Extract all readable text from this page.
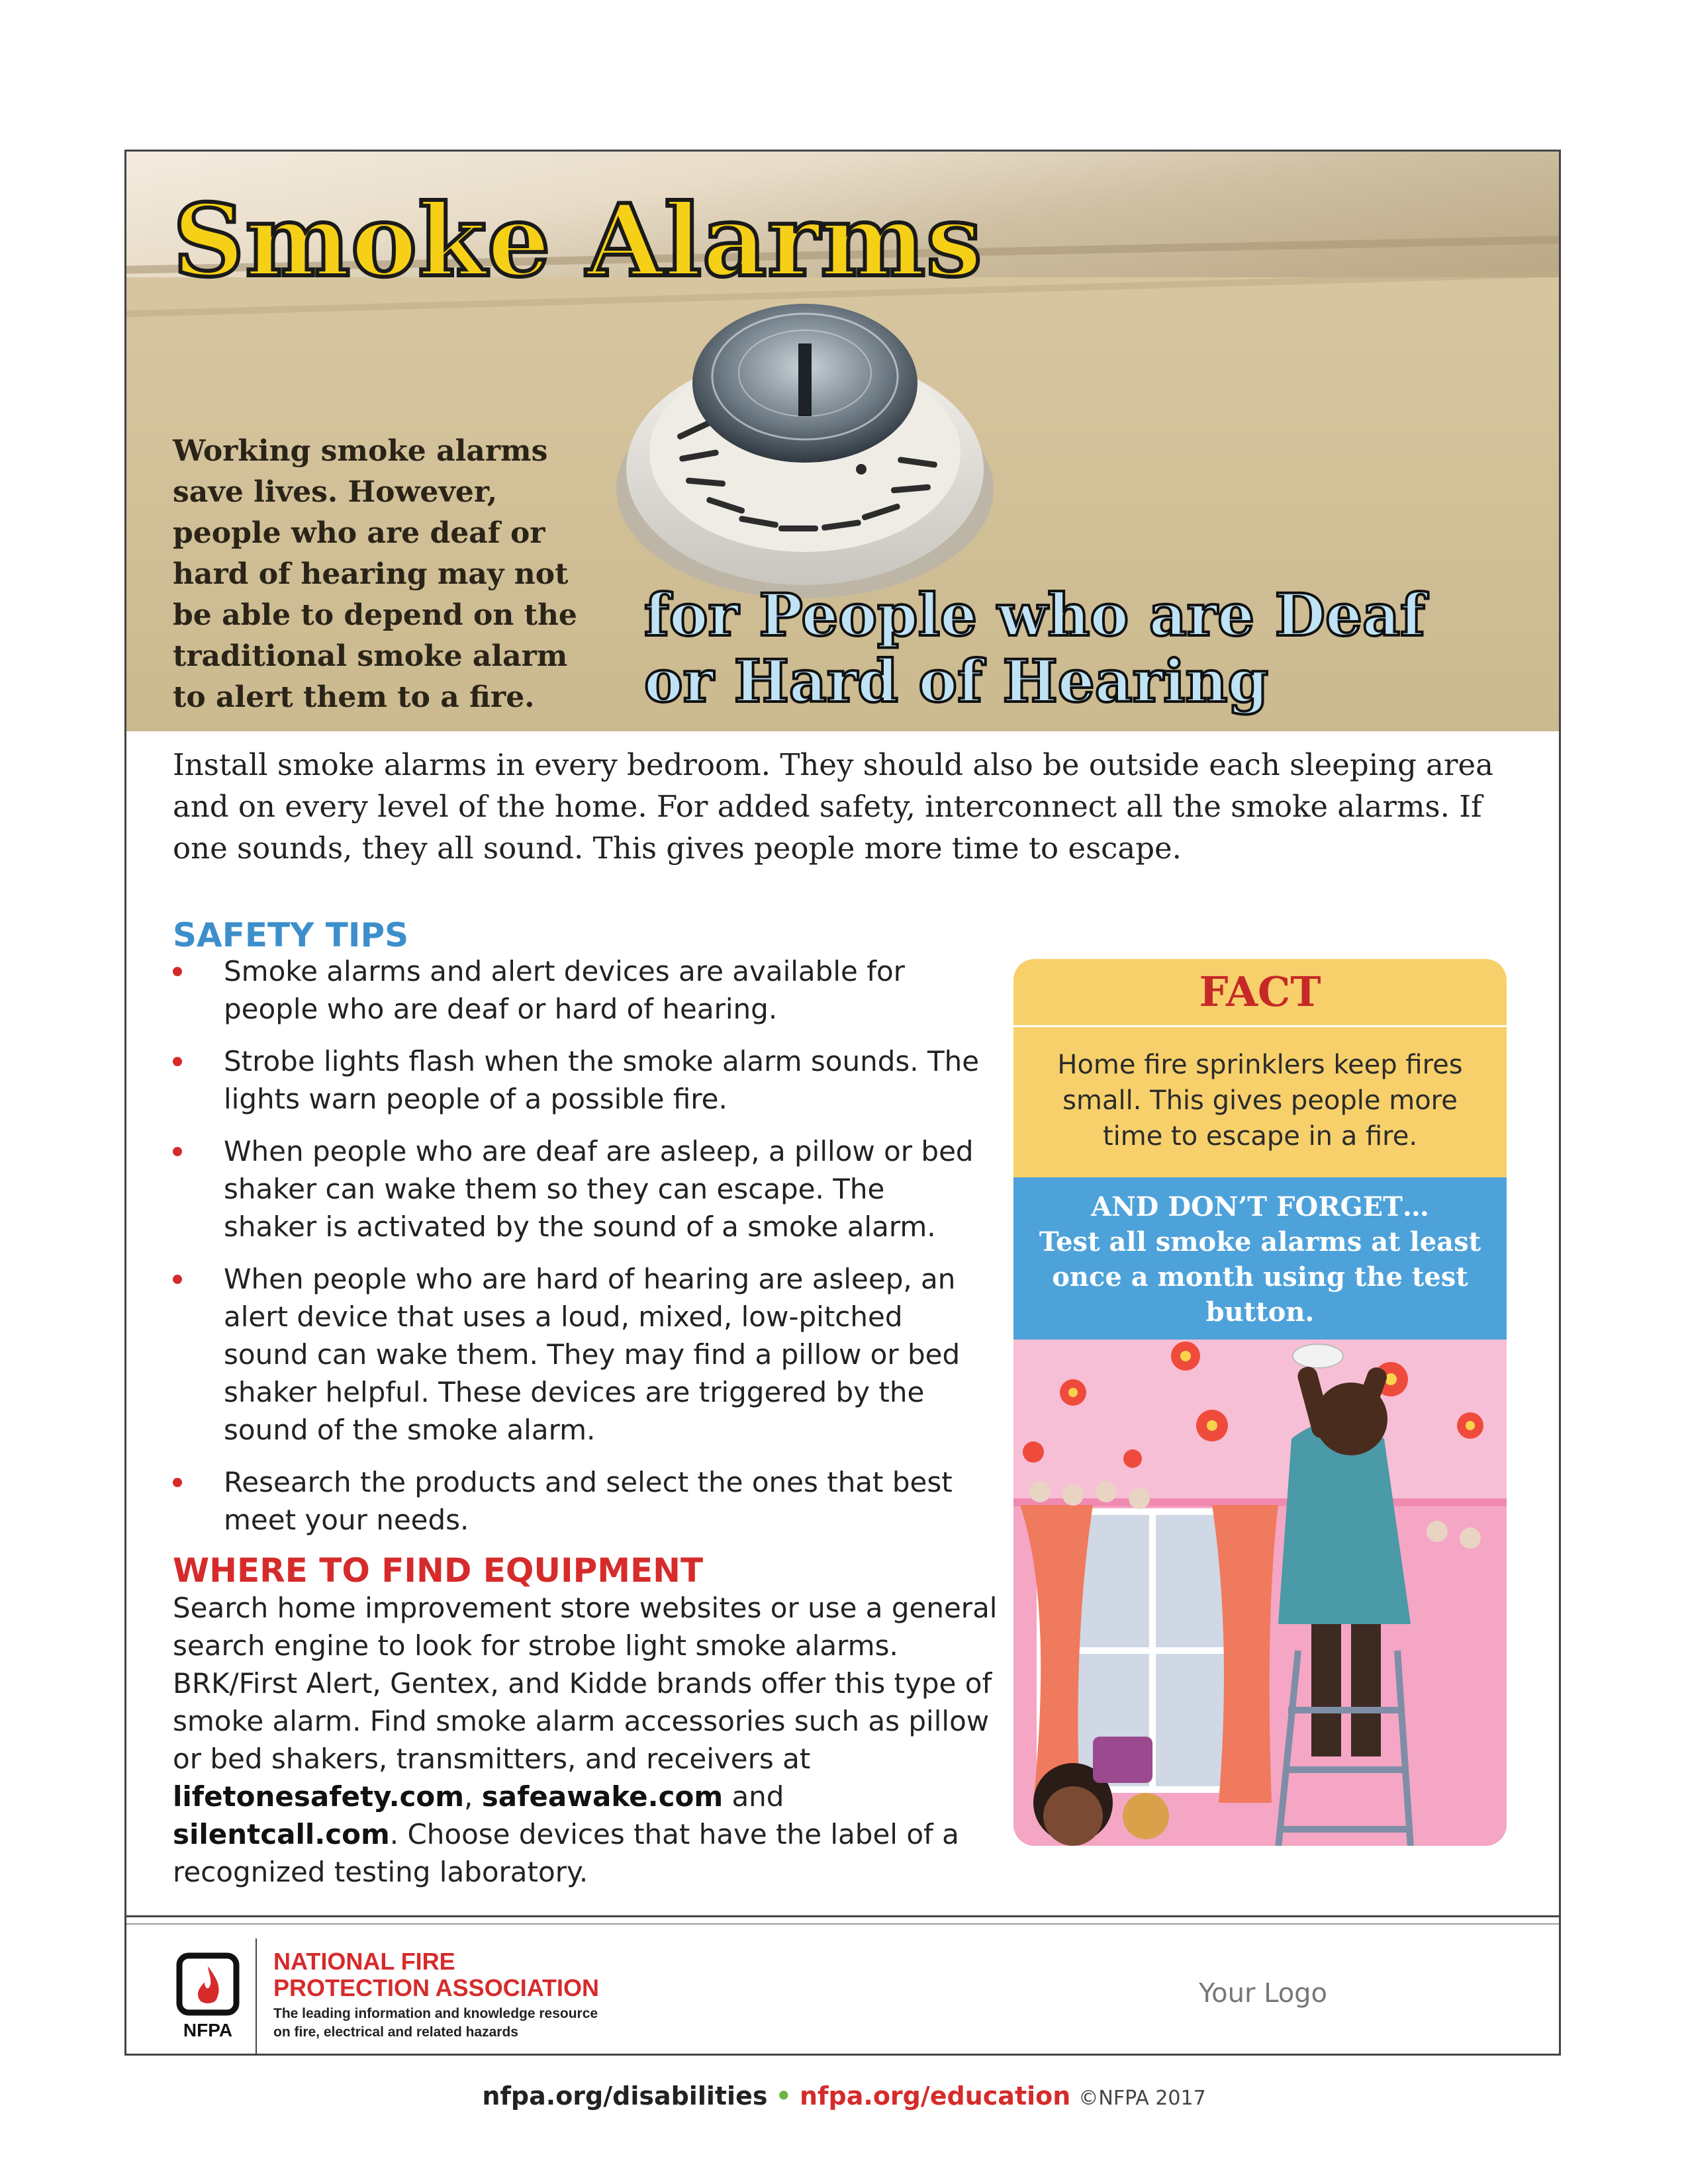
Smoke Alarms
Working smoke alarms save lives. However, people who are deaf or hard of hearing may not be able to depend on the traditional smoke alarm to alert them to a fire.
for People who are Deaf
or Hard of Hearing
Install smoke alarms in every bedroom. They should also be outside each sleeping area and on every level of the home. For added safety, interconnect all the smoke alarms. If one sounds, they all sound. This gives people more time to escape.
SAFETY TIPS
Smoke alarms and alert devices are available for people who are deaf or hard of hearing.
Strobe lights flash when the smoke alarm sounds. The lights warn people of a possible fire.
When people who are deaf are asleep, a pillow or bed shaker can wake them so they can escape. The shaker is activated by the sound of a smoke alarm.
When people who are hard of hearing are asleep, an alert device that uses a loud, mixed, low-pitched sound can wake them. They may find a pillow or bed shaker helpful. These devices are triggered by the sound of the smoke alarm.
Research the products and select the ones that best meet your needs.
WHERE TO FIND EQUIPMENT
Search home improvement store websites or use a general search engine to look for strobe light smoke alarms. BRK/First Alert, Gentex, and Kidde brands offer this type of smoke alarm. Find smoke alarm accessories such as pillow or bed shakers, transmitters, and receivers at lifetonesafety.com, safeawake.com and silentcall.com. Choose devices that have the label of a recognized testing laboratory.
FACT
Home fire sprinklers keep fires small. This gives people more time to escape in a fire.
AND DON’T FORGET…
Test all smoke alarms at least once a month using the test button.
NFPA
NATIONAL FIRE
PROTECTION ASSOCIATION
The leading information and knowledge resource
on fire, electrical and related hazards
Your Logo
nfpa.org/disabilities • nfpa.org/education ©NFPA 2017
